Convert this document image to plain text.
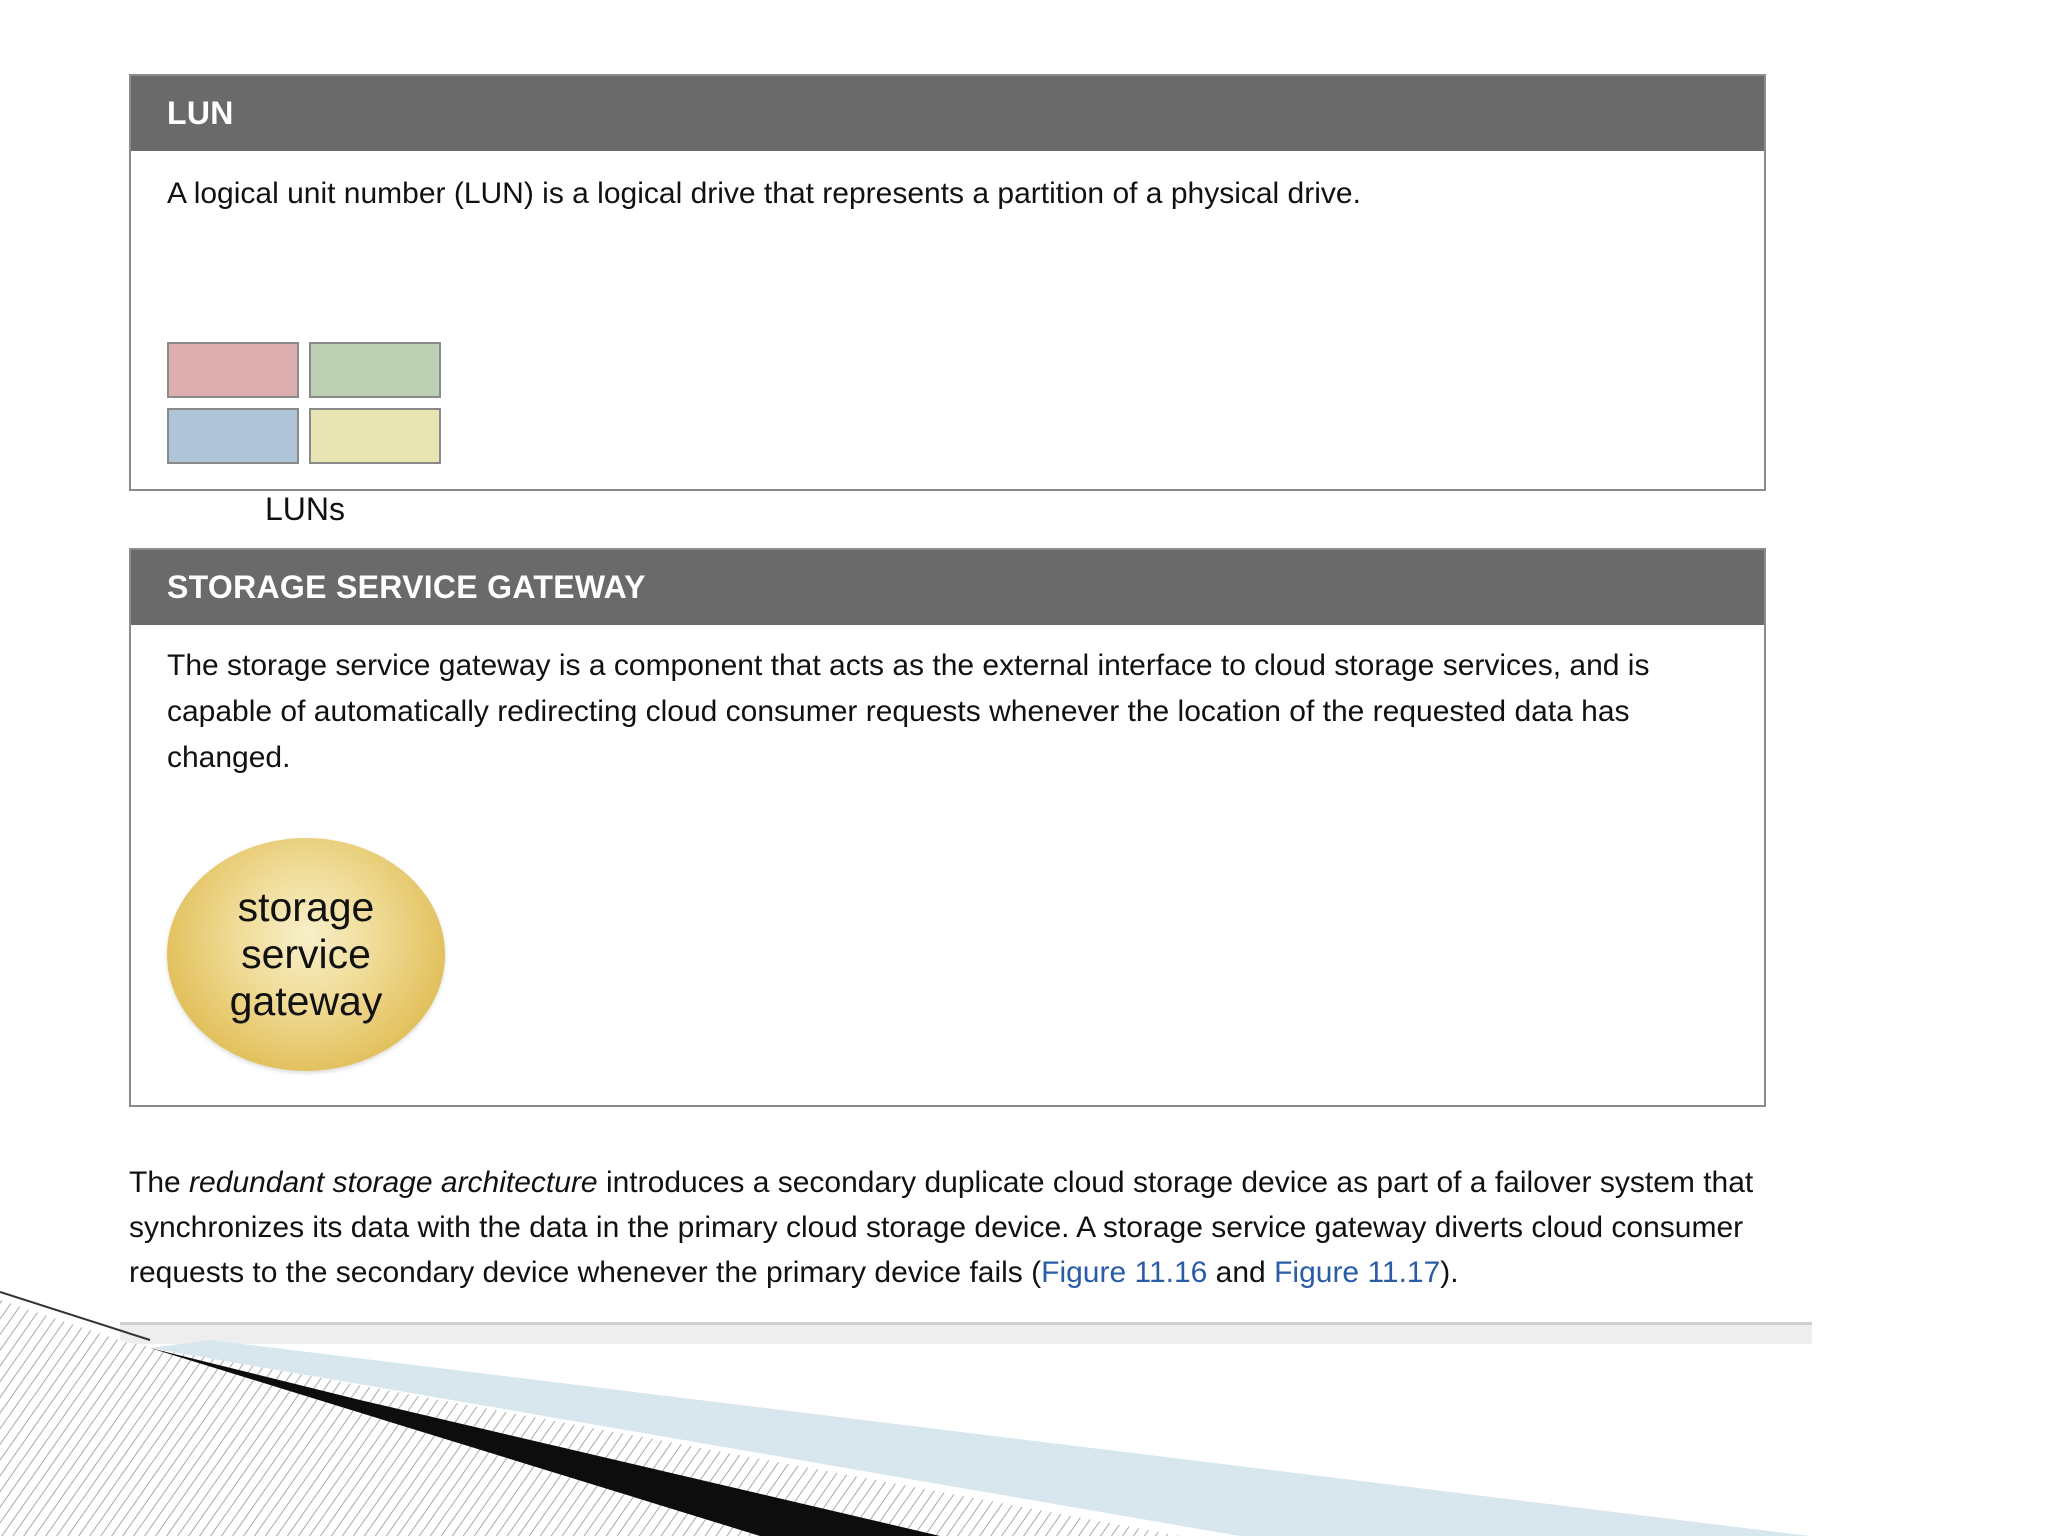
LUN
A logical unit number (LUN) is a logical drive that represents a partition of a physical drive.
LUNs
STORAGE SERVICE GATEWAY
The storage service gateway is a component that acts as the external interface to cloud storage services, and is capable of automatically redirecting cloud consumer requests whenever the location of the requested data has changed.
storage
service
gateway
The redundant storage architecture introduces a secondary duplicate cloud storage device as part of a failover system that synchronizes its data with the data in the primary cloud storage device. A storage service gateway diverts cloud consumer requests to the secondary device whenever the primary device fails (Figure 11.16 and Figure 11.17).
